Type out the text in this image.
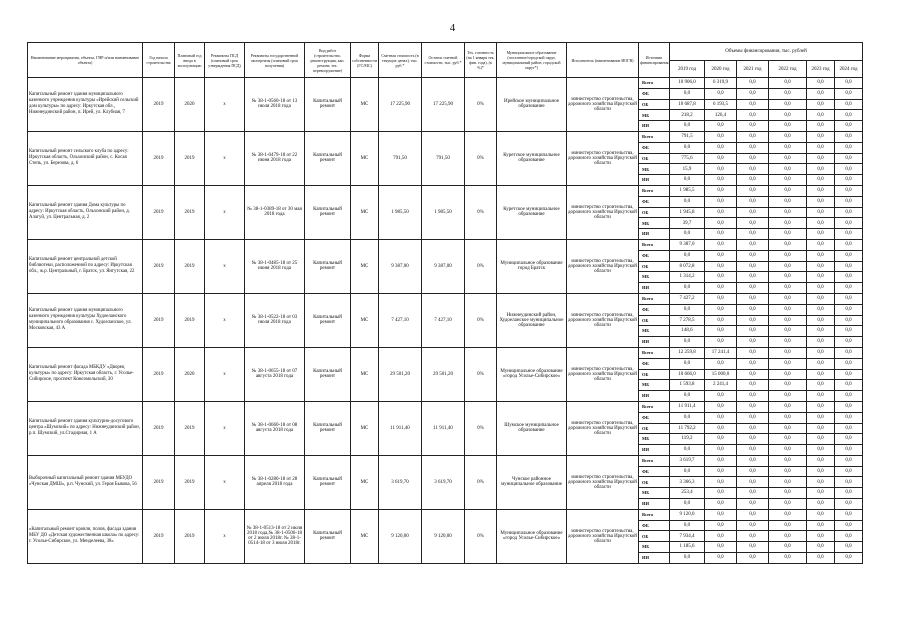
4
Наименование мероприятия, объекта, ГНР и/или наименование объекта)	Год начала строительства	Плановый год ввода в эксплуатацию	Реквизиты ПСД (плановый срок утверждения ПСД)	Реквизиты государственной экспертизы (плановый срок получения)	Вид работ (строительство, реконструкция, кап. ремонт, тех. перевооружение)	Форма собственности (ГС/МС)	Сметная стоимость (в текущих ценах), тыс. руб.*	Остаток сметной стоимости, тыс. руб.*	Тех. готовность (на 1 января тек. фин. года), (в %)*	Муниципальное образование (поселение/городской округ, муниципальный район, городской округ*)	Исполнитель (наименование ИОГВ)	Источник финансирования	Объемы финансирования, тыс. рублей					
													2019 год	2020 год	2021 год	2022 год	2023 год	2024 год
Капитальный ремонт здания муниципального казенного учреждения культуры «Ирейский сельский дом культуры» по адресу: Иркутская обл., Нижнеудинский район, п. Ирей, ул. Клубная, 7	2019	2020	х	№ 38-1-0560-18 от 13 июля 2018 года	Капитальный ремонт	МС	17 225,90	17 225,90	0%	Ирейское муниципальное образование	министерство строительства, дорожного хозяйства Иркутской области	Всего	10 906,0	6 319,9	0,0	0,0	0,0	0,0
												ФБ	0,0	0,0	0,0	0,0	0,0	0,0
												ОБ	10 687,8	6 193,5	0,0	0,0	0,0	0,0
												МБ	218,2	126,4	0,0	0,0	0,0	0,0
												ИИ	0,0	0,0	0,0	0,0	0,0	0,0
Капитальный ремонт сельского клуба по адресу: Иркутская область, Ольхонский район, с. Косая Степь, ул. Березова, д. 6	2019	2019	х	№ 38-1-0479-18 от 22 июня 2018 года	Капитальный ремонт	МС	791,50	791,50	0%	Куретское муниципальное образование	министерство строительства, дорожного хозяйства Иркутской области	Всего	791,5	0,0	0,0	0,0	0,0	0,0
												ФБ	0,0	0,0	0,0	0,0	0,0	0,0
												ОБ	775,6	0,0	0,0	0,0	0,0	0,0
												МБ	15,9	0,0	0,0	0,0	0,0	0,0
												ИИ	0,0	0,0	0,0	0,0	0,0	0,0
Капитальный ремонт здания Дома культуры по адресу: Иркутская область, Ольхонский район, д. Алагуй, ул. Центральная, д. 2	2019	2019	х	№ 38-1-0389-18 от 30 мая 2018 года	Капитальный ремонт	МС	1 985,50	1 985,50	0%	Куретское муниципальное образование	министерство строительства, дорожного хозяйства Иркутской области	Всего	1 985,5	0,0	0,0	0,0	0,0	0,0
												ФБ	0,0	0,0	0,0	0,0	0,0	0,0
												ОБ	1 945,8	0,0	0,0	0,0	0,0	0,0
												МБ	39,7	0,0	0,0	0,0	0,0	0,0
												ИИ	0,0	0,0	0,0	0,0	0,0	0,0
Капитальный ремонт центральной детской библиотеки, расположенной по адресу: Иркутская обл., ж.р. Центральный, г. Братск, ул. Янгутская, 22	2019	2019	х	№ 38-1-0485-18 от 25 июня 2018 года	Капитальный ремонт	МС	9 387,00	9 387,00	0%	Муниципальное образование город Братск	министерство строительства, дорожного хозяйства Иркутской области	Всего	9 387,0	0,0	0,0	0,0	0,0	0,0
												ФБ	0,0	0,0	0,0	0,0	0,0	0,0
												ОБ	8 072,8	0,0	0,0	0,0	0,0	0,0
												МБ	1 314,2	0,0	0,0	0,0	0,0	0,0
												ИИ	0,0	0,0	0,0	0,0	0,0	0,0
Капитальный ремонт здания муниципального казенного учреждения культуры Худоеланского муниципального образования с. Худоеланское, ул. Московская, 43 А	2019	2019	х	№ 38-1-0522-18 от 03 июля 2018 года	Капитальный ремонт	МС	7 427,10	7 427,10	0%	Нижнеудинский район, Худоеланское муниципальное образование	министерство строительства, дорожного хозяйства Иркутской области	Всего	7 427,2	0,0	0,0	0,0	0,0	0,0
												ФБ	0,0	0,0	0,0	0,0	0,0	0,0
												ОБ	7 278,5	0,0	0,0	0,0	0,0	0,0
												МБ	148,6	0,0	0,0	0,0	0,0	0,0
												ИИ	0,0	0,0	0,0	0,0	0,0	0,0
Капитальный ремонт фасада МБКДУ «Дворец культуры» по адресу: Иркутская область, г. Усолье-Сибирское, проспект Комсомольский, 30	2019	2020	х	№ 38-1-0655-18 от 07 августа 2018 года	Капитальный ремонт	МС	29 501,20	29 501,20	0%	Муниципальное образование «город Усолье-Сибирское»	министерство строительства, дорожного хозяйства Иркутской области	Всего	12 259,8	17 241,4	0,0	0,0	0,0	0,0
												ФБ	0,0	0,0	0,0	0,0	0,0	0,0
												ОБ	10 666,0	15 000,0	0,0	0,0	0,0	0,0
												МБ	1 593,8	2 241,4	0,0	0,0	0,0	0,0
												ИИ	0,0	0,0	0,0	0,0	0,0	0,0
Капитальный ремонт здания культурно-досугового центра «Шумский» по адресу: Нижнеудинский район, р.п. Шумский, ул.Стадирная, 1 А	2019	2019	х	№ 38-1-0660-18 от 08 августа 2018 года	Капитальный ремонт	МС	11 911,40	11 911,40	0%	Шумское муниципальное образование	министерство строительства, дорожного хозяйства Иркутской области	Всего	11 911,4	0,0	0,0	0,0	0,0	0,0
												ФБ	0,0	0,0	0,0	0,0	0,0	0,0
												ОБ	11 792,2	0,0	0,0	0,0	0,0	0,0
												МБ	119,2	0,0	0,0	0,0	0,0	0,0
												ИИ	0,0	0,0	0,0	0,0	0,0	0,0
Выборочный капитальный ремонт здания МБУДО «Чунская ДМШ», р.п. Чунский, ул. Героя Быкова, 56	2019	2019	х	№ 38-1-0280-18 от 28 апреля 2018 года	Капитальный ремонт	МС	3 619,70	3 619,70	0%	Чунское районное муниципальное образование	министерство строительства, дорожного хозяйства Иркутской области	Всего	3 619,7	0,0	0,0	0,0	0,0	0,0
												ФБ	0,0	0,0	0,0	0,0	0,0	0,0
												ОБ	3 366,3	0,0	0,0	0,0	0,0	0,0
												МБ	253,4	0,0	0,0	0,0	0,0	0,0
												ИИ	0,0	0,0	0,0	0,0	0,0	0,0
«Капитальный ремонт кровли, полов, фасада здания МБУ ДО «Детская художественная школа» по адресу: г. Усолье-Сибирское, ул. Менделеева, 38»	2019	2019	х	№ 38-1-0513-18 от 2 июля 2018 года,№ 38-1-0506-18 от 2 июля 2018г. № 38-1-0514-18 от 3 июля 2018г.	Капитальный ремонт	МС	9 120,00	9 120,00	0%	Муниципальное образование «город Усолье-Сибирское»	министерство строительства, дорожного хозяйства Иркутской области	Всего	9 120,0	0,0	0,0	0,0	0,0	0,0
												ФБ	0,0	0,0	0,0	0,0	0,0	0,0
												ОБ	7 934,4	0,0	0,0	0,0	0,0	0,0
												МБ	1 185,6	0,0	0,0	0,0	0,0	0,0
												ИИ	0,0	0,0	0,0	0,0	0,0	0,0
